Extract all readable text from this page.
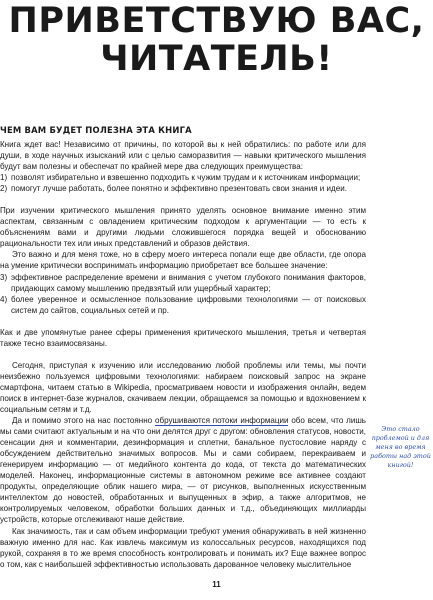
ПРИВЕТСТВУЮ ВАС,
ЧИТАТЕЛЬ!
ЧЕМ ВАМ БУДЕТ ПОЛЕЗНА ЭТА КНИГА

Книга ждет вас! Независимо от причины, по которой вы к ней обратились: по работе или для души, в ходе научных изысканий или с целью саморазвития — навыки критического мышления будут вам полезны и обеспечат по крайней мере два следующих преимущества:

1) позволят избирательно и взвешенно подходить к чужим трудам и к источникам информации;
2) помогут лучше работать, более понятно и эффективно презентовать свои знания и идеи.

При изучении критического мышления принято уделять основное внимание именно этим аспектам, связанным с овладением критическим подходом к аргументации — то есть к объяснениям вами и другими людьми сложившегося порядка вещей и обоснованию рациональности тех или иных представлений и образов действия.

Это важно и для меня тоже, но в сферу моего интереса попали еще две области, где опора на умение критически воспринимать информацию приобретает все большее значение:

3) эффективное распределение времени и внимания с учетом глубокого понимания факторов, придающих самому мышлению предвзятый или ущербный характер;
4) более уверенное и осмысленное пользование цифровыми технологиями — от поисковых систем до сайтов, социальных сетей и пр.

Как и две упомянутые ранее сферы применения критического мышления, третья и четвертая также тесно взаимосвязаны.

Сегодня, приступая к изучению или исследованию любой проблемы или темы, мы почти неизбежно пользуемся цифровыми технологиями: набираем поисковый запрос на экране смартфона, читаем статью в Wikipedia, просматриваем новости и изображения онлайн, ведем поиск в интернет-базе журналов, скачиваем лекции, обращаемся за помощью и вдохновением к социальным сетям и т.д.

Да и помимо этого на нас постоянно обрушиваются потоки информации обо всем, что лишь мы сами считают актуальным и на что они делятся друг с другом: обновления статусов, новости, сенсации дня и комментарии, дезинформация и сплетни, банальное пустословие наряду с обсуждением действительно значимых вопросов. Мы и сами собираем, перекраиваем и генерируем информацию — от медийного контента до кода, от текста до математических моделей. Наконец, информационные системы в автономном режиме все активнее создают продукты, определяющие облик нашего мира, — от рисунков, выполненных искусственным интеллектом до новостей, обработанных и выпущенных в эфир, а также алгоритмов, не контролируемых человеком, обработки больших данных и т.д., объединяющих миллиарды устройств, которые отслеживают наше действие.

Как значимость, так и сам объем информации требуют умения обнаруживать в ней жизненно важную именно для нас. Как извлечь максимум из колоссальных ресурсов, находящихся под рукой, сохраняя в то же время способность контролировать и понимать их? Еще важнее вопрос о том, как с наибольшей эффективностью использовать дарованное человеку мыслительное

Это стало проблемой и для меня во время работы над этой книгой!
11
